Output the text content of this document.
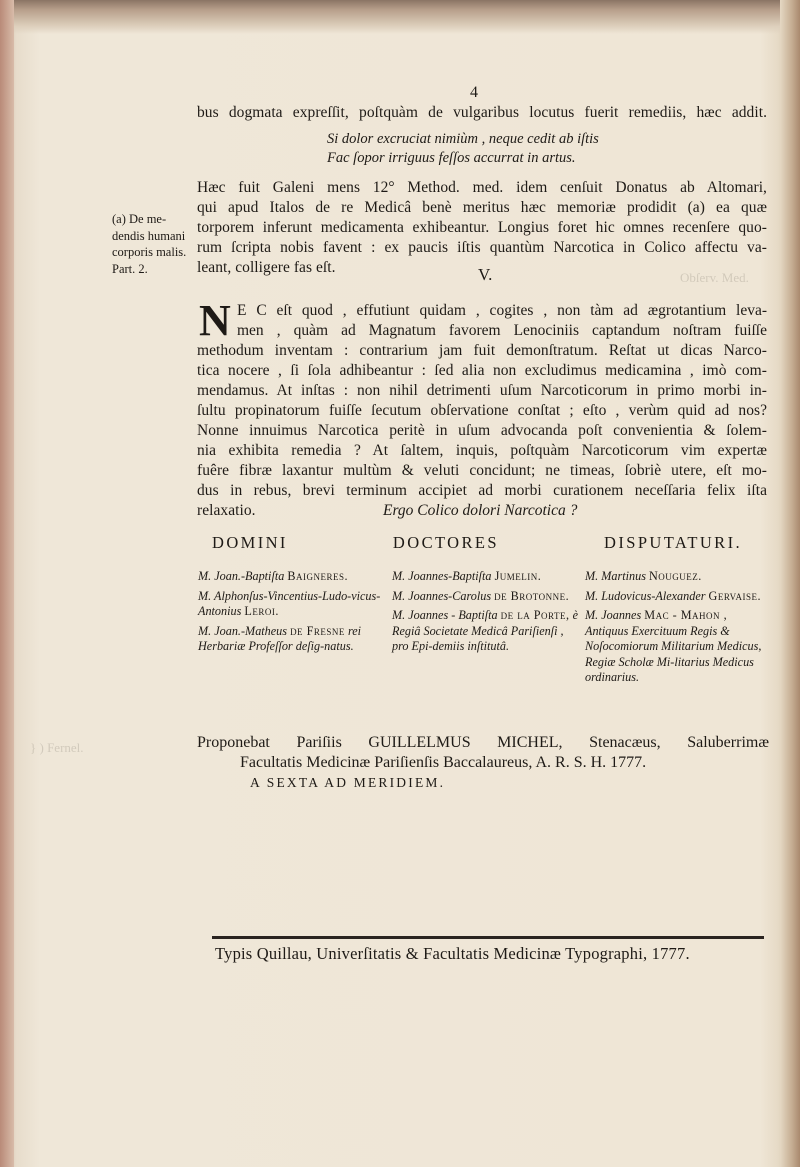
} ) Fernel.
Obſerv. Med.
4
bus dogmata expreſſit, poſtquàm de vulgaribus locutus fuerit remediis, hæc addit.
Si dolor excruciat nimiùm , neque cedit ab iſtis
Fac ſopor irriguus feſſos accurrat in artus.
Hæc fuit Galeni mens 12° Method. med. idem cenſuit Donatus ab Altomari,
qui apud Italos de re Medicâ benè meritus hæc memoriæ prodidit (a) ea quæ
torporem inferunt medicamenta exhibeantur. Longius foret hic omnes recenſere quo-
rum ſcripta nobis favent : ex paucis iſtis quantùm Narcotica in Colico affectu va-
leant, colligere fas eſt.
(a) De me-
dendis humani
corporis malis.
Part. 2.	V.
N E C eſt quod , effutiunt quidam , cogites , non tàm ad ægrotantium leva-
men , quàm ad Magnatum favorem Lenociniis captandum noſtram fuiſſe
methodum inventam : contrarium jam fuit demonſtratum. Reſtat ut dicas Narco-
tica nocere , ſi ſola adhibeantur : ſed alia non excludimus medicamina , imò com-
mendamus. At inſtas : non nihil detrimenti uſum Narcoticorum in primo morbi in-
ſultu propinatorum fuiſſe ſecutum obſervatione conſtat ; eſto , verùm quid ad nos?
Nonne innuimus Narcotica peritè in uſum advocanda poſt convenientia & ſolem-
nia exhibita remedia ? At ſaltem, inquis, poſtquàm Narcoticorum vim expertæ
fuêre fibræ laxantur multùm & veluti concidunt; ne timeas, ſobriè utere, eſt mo-
dus in rebus, brevi terminum accipiet ad morbi curationem neceſſaria felix iſta
relaxatio.	Ergo Colico dolori Narcotica ?
DOMINI DOCTORES DISPUTATURI.
M. Joan.-Baptiſta Baigneres.
M. Alphonſus-Vincentius-Ludo-vicus-Antonius Leroi.
M. Joan.-Matheus de Fresne rei Herbariæ Profeſſor deſig-natus.
M. Joannes-Baptiſta Jumelin.
M. Joannes-Carolus de Brotonne.
M. Joannes - Baptiſta de la Porte, è Regiâ Societate Medicâ Pariſienſi , pro Epi-demiis inſtitutâ.
M. Martinus Nouguez.
M. Ludovicus-Alexander Gervaise.
M. Joannes Mac - Mahon , Antiquus Exercituum Regis & Noſocomiorum Militarium Medicus, Regiæ Scholæ Mi-litarius Medicus ordinarius.
Proponebat Pariſiis GUILLELMUS MICHEL, Stenacæus, Saluberrimæ
Facultatis Medicinæ Pariſienſis Baccalaureus, A. R. S. H. 1777.
A SEXTA AD MERIDIEM.
Typis Quillau, Univerſitatis & Facultatis Medicinæ Typographi, 1777.
